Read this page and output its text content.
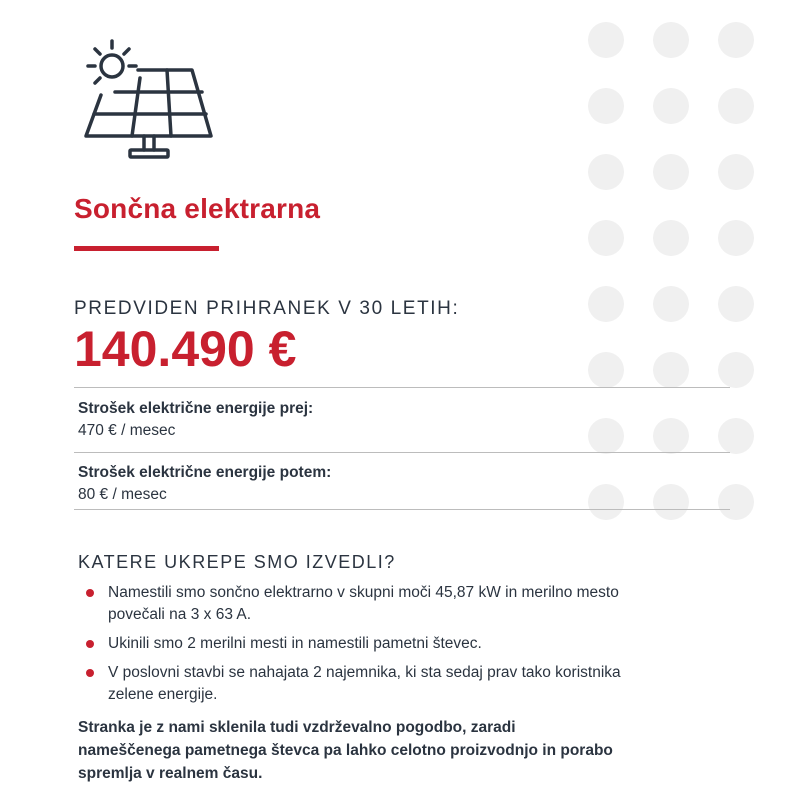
Sončna elektrarna
PREDVIDEN PRIHRANEK V 30 LETIH:
140.490 €
Strošek električne energije prej:
470 € / mesec
Strošek električne energije potem:
80 € / mesec
KATERE UKREPE SMO IZVEDLI?
Namestili smo sončno elektrarno v skupni moči 45,87 kW in merilno mesto
povečali na 3 x 63 A.
Ukinili smo 2 merilni mesti in namestili pametni števec.
V poslovni stavbi se nahajata 2 najemnika, ki sta sedaj prav tako koristnika
zelene energije.

Stranka je z nami sklenila tudi vzdrževalno pogodbo, zaradi
nameščenega pametnega števca pa lahko celotno proizvodnjo in porabo
spremlja v realnem času.
